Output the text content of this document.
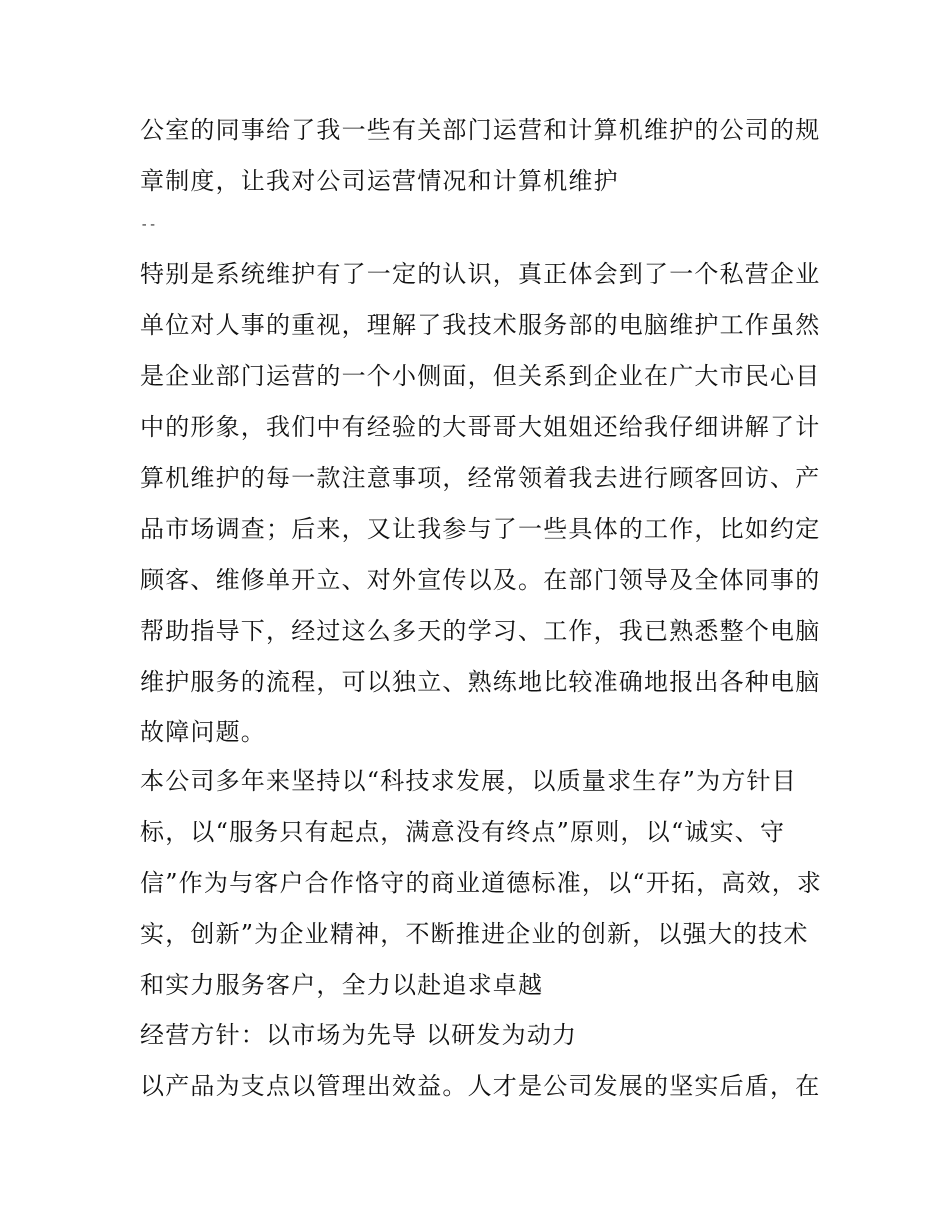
公室的同事给了我一些有关部门运营和计算机维护的公司的规
章制度，让我对公司运营情况和计算机维护
--
特别是系统维护有了一定的认识，真正体会到了一个私营企业
单位对人事的重视，理解了我技术服务部的电脑维护工作虽然
是企业部门运营的一个小侧面，但关系到企业在广大市民心目
中的形象，我们中有经验的大哥哥大姐姐还给我仔细讲解了计
算机维护的每一款注意事项，经常领着我去进行顾客回访、产
品市场调查；后来，又让我参与了一些具体的工作，比如约定
顾客、维修单开立、对外宣传以及。在部门领导及全体同事的
帮助指导下，经过这么多天的学习、工作，我已熟悉整个电脑
维护服务的流程，可以独立、熟练地比较准确地报出各种电脑
故障问题。
本公司多年来坚持以“科技求发展，以质量求生存”为方针目
标，以“服务只有起点，满意没有终点”原则，以“诚实、守
信”作为与客户合作恪守的商业道德标准，以“开拓，高效，求
实，创新”为企业精神，不断推进企业的创新，以强大的技术
和实力服务客户，全力以赴追求卓越
经营方针：以市场为先导 以研发为动力
以产品为支点以管理出效益。人才是公司发展的坚实后盾，在
